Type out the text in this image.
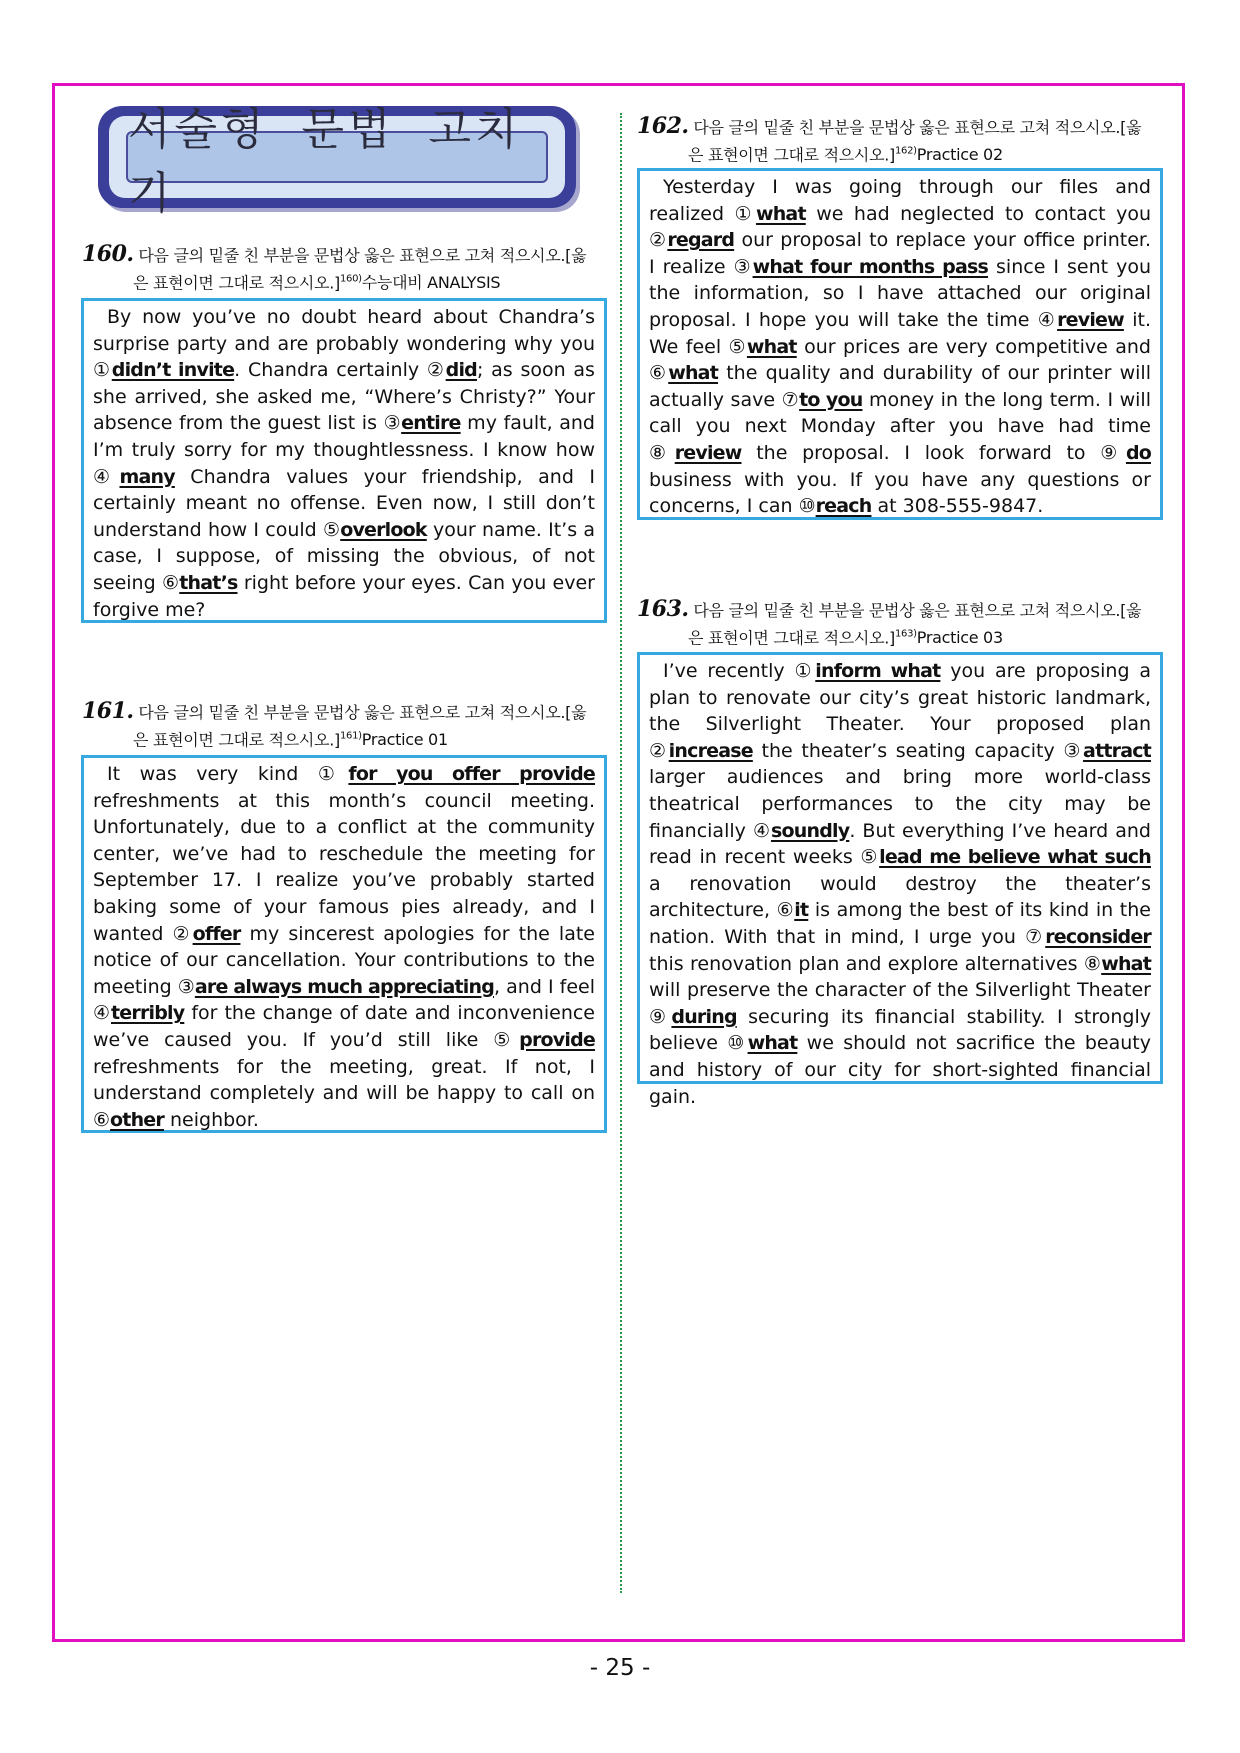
서술형 문법 고치기
160. 다음 글의 밑줄 친 부분을 문법상 옳은 표현으로 고쳐 적으시오.[옳
은 표현이면 그대로 적으시오.]$^{160)}$수능대비 ANALYSIS
By now you’ve no doubt heard about Chandra’s surprise party and are probably wondering why you ①didn’t invite. Chandra certainly ②did; as soon as she arrived, she asked me, “Where’s Christy?” Your absence from the guest list is ③entire my fault, and I’m truly sorry for my thoughtlessness. I know how ④many Chandra values your friendship, and I certainly meant no offense. Even now, I still don’t understand how I could ⑤overlook your name. It’s a case, I suppose, of missing the obvious, of not seeing ⑥that’s right before your eyes. Can you ever forgive me?
161. 다음 글의 밑줄 친 부분을 문법상 옳은 표현으로 고쳐 적으시오.[옳
은 표현이면 그대로 적으시오.]$^{161)}$Practice 01
It was very kind ①for you offer provide refreshments at this month’s council meeting. Unfortunately, due to a conflict at the community center, we’ve had to reschedule the meeting for September 17. I realize you’ve probably started baking some of your famous pies already, and I wanted ②offer my sincerest apologies for the late notice of our cancellation. Your contributions to the meeting ③are always much appreciating, and I feel ④terribly for the change of date and inconvenience we’ve caused you. If you’d still like ⑤provide refreshments for the meeting, great. If not, I understand completely and will be happy to call on ⑥other neighbor.
162. 다음 글의 밑줄 친 부분을 문법상 옳은 표현으로 고쳐 적으시오.[옳
은 표현이면 그대로 적으시오.]$^{162)}$Practice 02
Yesterday I was going through our files and realized ①what we had neglected to contact you ②regard our proposal to replace your office printer. I realize ③what four months pass since I sent you the information, so I have attached our original proposal. I hope you will take the time ④review it. We feel ⑤what our prices are very competitive and ⑥what the quality and durability of our printer will actually save ⑦to you money in the long term. I will call you next Monday after you have had time ⑧review the proposal. I look forward to ⑨do business with you. If you have any questions or concerns, I can ⑩reach at 308-555-9847.
163. 다음 글의 밑줄 친 부분을 문법상 옳은 표현으로 고쳐 적으시오.[옳
은 표현이면 그대로 적으시오.]$^{163)}$Practice 03
I’ve recently ①inform what you are proposing a plan to renovate our city’s great historic landmark, the Silverlight Theater. Your proposed plan ②increase the theater’s seating capacity ③attract larger audiences and bring more world-class theatrical performances to the city may be financially ④soundly. But everything I’ve heard and read in recent weeks ⑤lead me believe what such a renovation would destroy the theater’s architecture, ⑥it is among the best of its kind in the nation. With that in mind, I urge you ⑦reconsider this renovation plan and explore alternatives ⑧what will preserve the character of the Silverlight Theater ⑨during securing its financial stability. I strongly believe ⑩what we should not sacrifice the beauty and history of our city for short-sighted financial gain.
- 25 -
